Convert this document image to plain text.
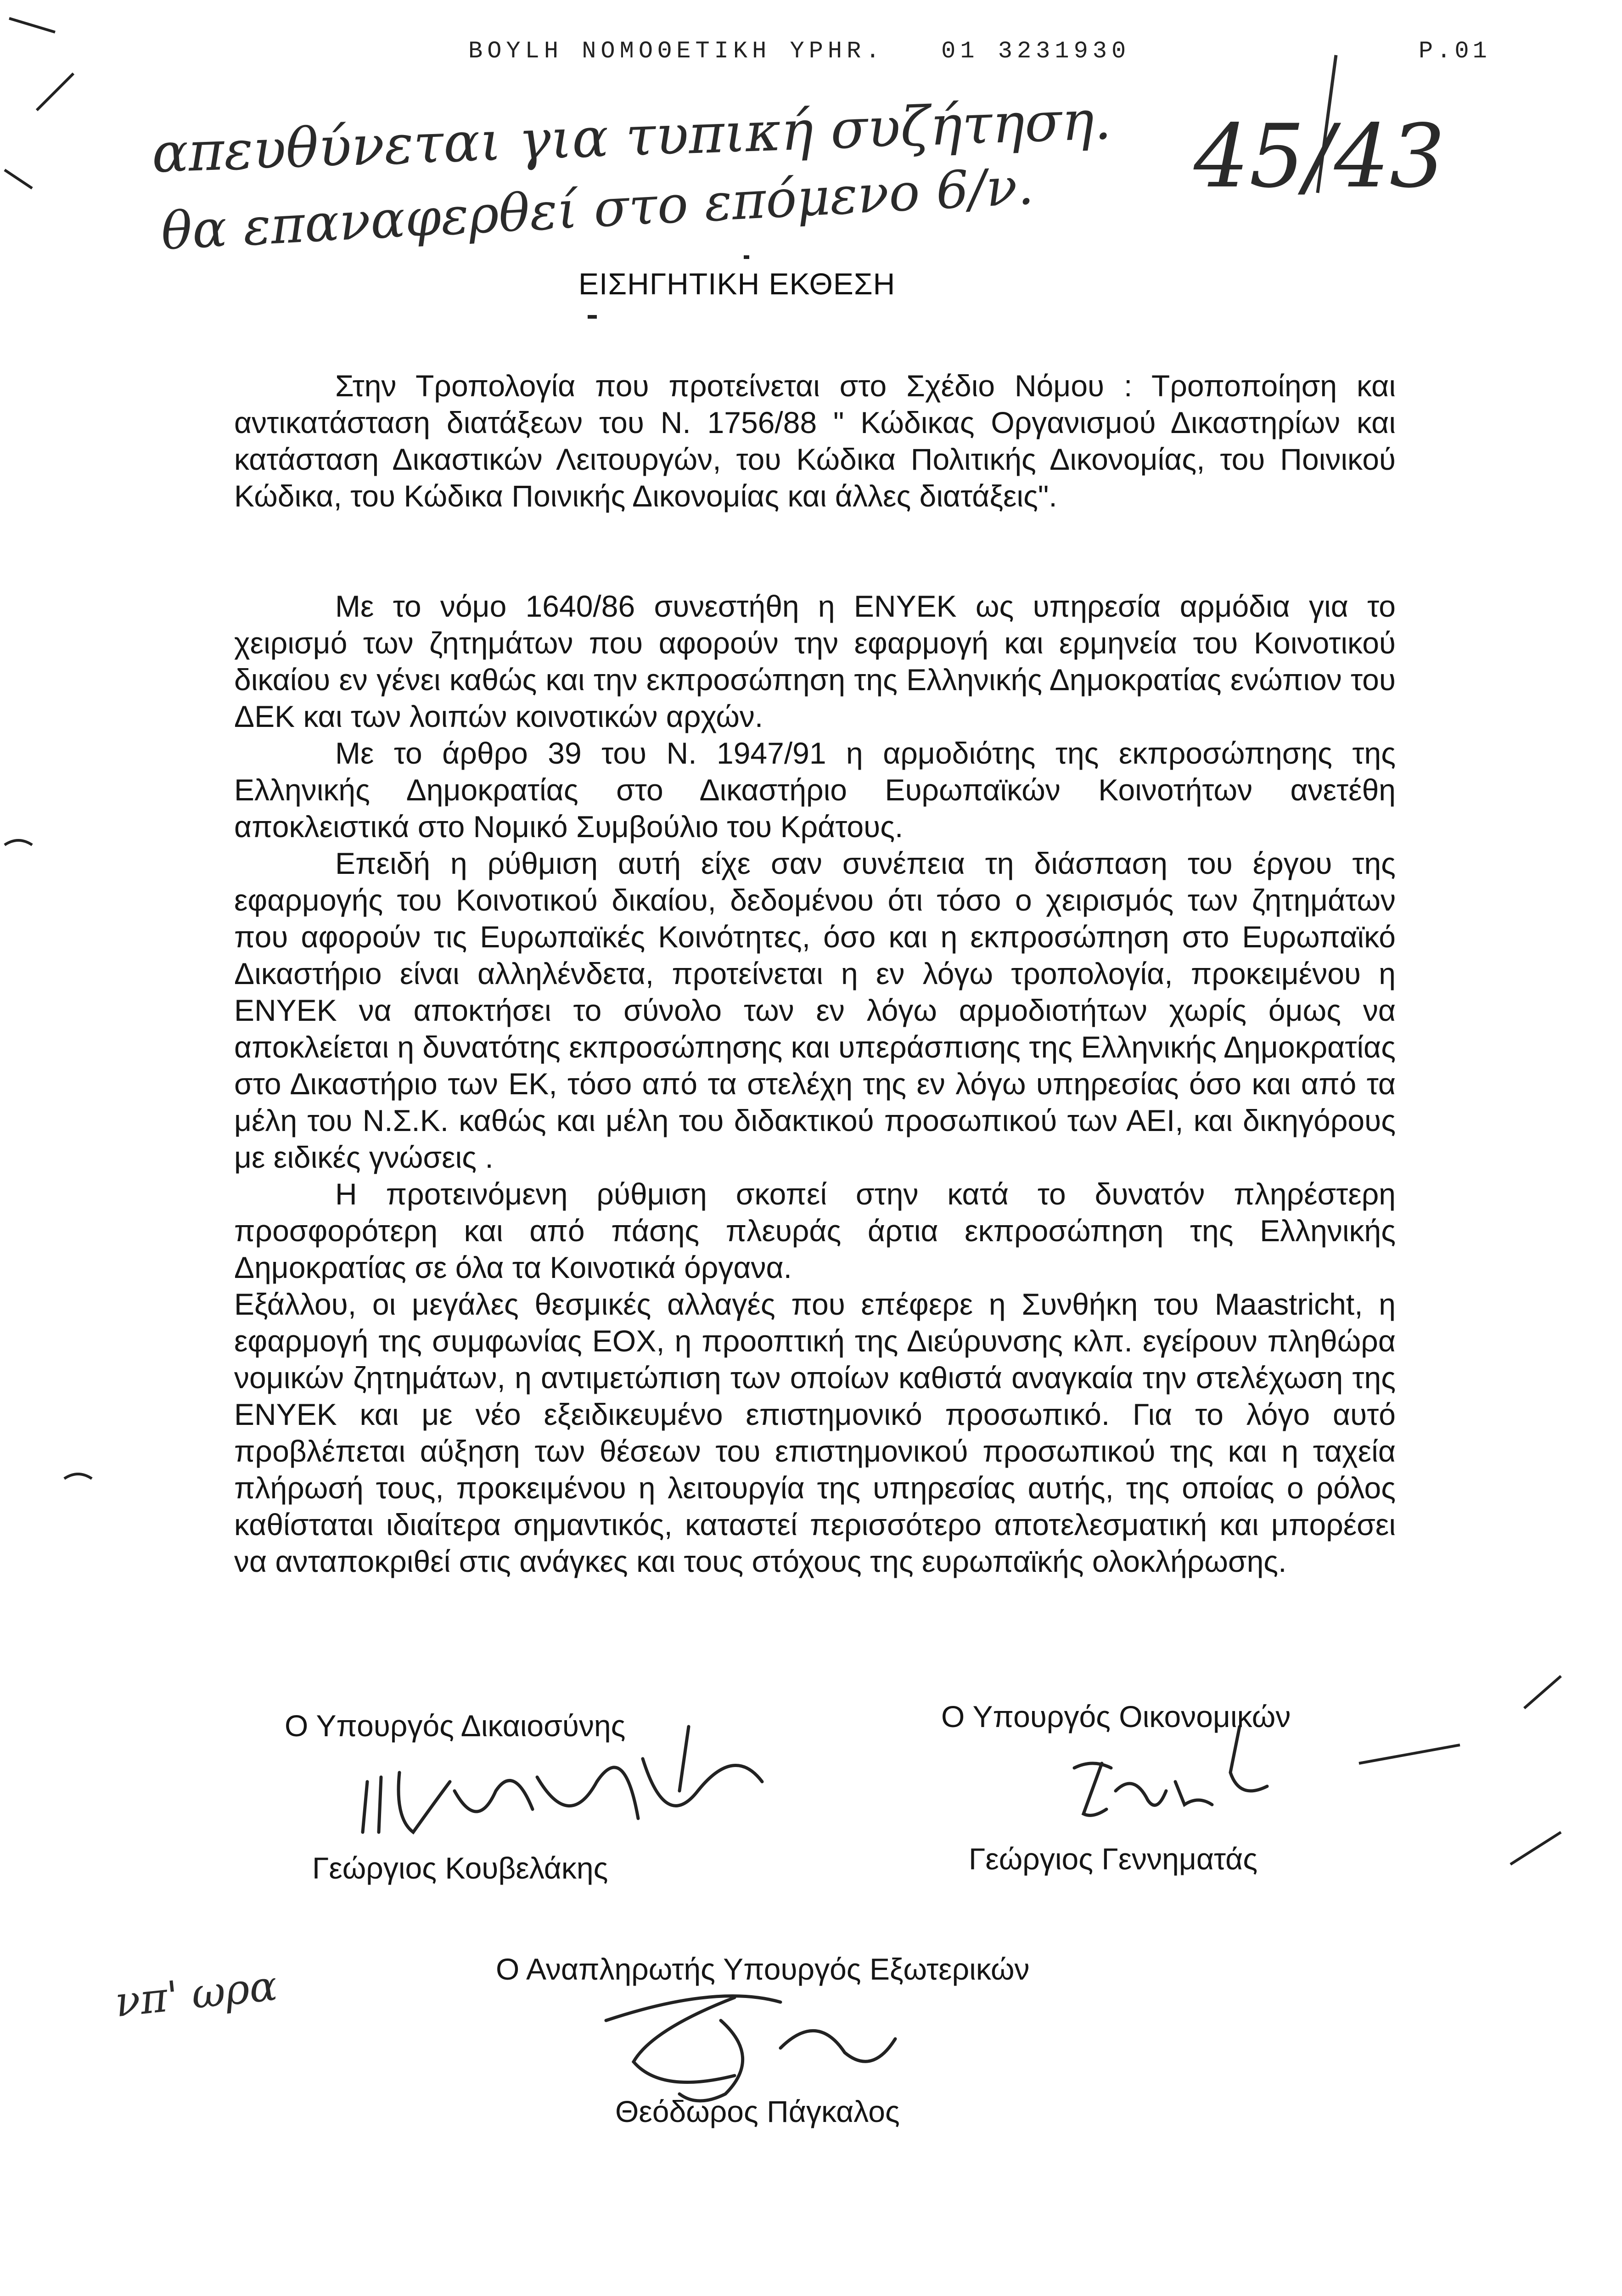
BOYLH NOMOΘETIKH YPHR.   01 3231930	P.01
απευθύνεται για τυπική συζήτηση.
θα επαναφερθεί στο επόμενο 6/ν. 45/43
νπ' ωρα
ΕΙΣΗΓΗΤΙΚΗ ΕΚΘΕΣΗ

Στην Τροπολογία που προτείνεται στο Σχέδιο Νόμου : Τροποποίηση και αντικατάσταση διατάξεων του Ν. 1756/88 " Κώδικας Οργανισμού Δικαστηρίων και κατάσταση Δικαστικών Λειτουργών, του Κώδικα Πολιτικής Δικονομίας, του Ποινικού Κώδικα, του Κώδικα Ποινικής Δικονομίας και άλλες διατάξεις".

Με το νόμο 1640/86 συνεστήθη η ΕΝΥΕΚ ως υπηρεσία αρμόδια για το χειρισμό των ζητημάτων που αφορούν την εφαρμογή και ερμηνεία του Κοινοτικού δικαίου εν γένει καθώς και την εκπροσώπηση της Ελληνικής Δημοκρατίας ενώπιον του ΔΕΚ και των λοιπών κοινοτικών αρχών.

Με το άρθρο 39 του Ν. 1947/91 η αρμοδιότης της εκπροσώπησης της Ελληνικής Δημοκρατίας στο Δικαστήριο Ευρωπαϊκών Κοινοτήτων ανετέθη αποκλειστικά στο Νομικό Συμβούλιο του Κράτους.

Επειδή η ρύθμιση αυτή είχε σαν συνέπεια τη διάσπαση του έργου της εφαρμογής του Κοινοτικού δικαίου, δεδομένου ότι τόσο ο χειρισμός των ζητημάτων που αφορούν τις Ευρωπαϊκές Κοινότητες, όσο και η εκπροσώπηση στο Ευρωπαϊκό Δικαστήριο είναι αλληλένδετα, προτείνεται η εν λόγω τροπολογία, προκειμένου η ΕΝΥΕΚ να αποκτήσει το σύνολο των εν λόγω αρμοδιοτήτων χωρίς όμως να αποκλείεται η δυνατότης εκπροσώπησης και υπεράσπισης της Ελληνικής Δημοκρατίας στο Δικαστήριο των ΕΚ, τόσο από τα στελέχη της εν λόγω υπηρεσίας όσο και από τα μέλη του Ν.Σ.Κ. καθώς και μέλη του διδακτικού προσωπικού των ΑΕΙ, και δικηγόρους με ειδικές γνώσεις .

Η προτεινόμενη ρύθμιση σκοπεί στην κατά το δυνατόν πληρέστερη προσφορότερη και από πάσης πλευράς άρτια εκπροσώπηση της Ελληνικής Δημοκρατίας σε όλα τα Κοινοτικά όργανα.

Εξάλλου, οι μεγάλες θεσμικές αλλαγές που επέφερε η Συνθήκη του Maastricht, η εφαρμογή της συμφωνίας ΕΟΧ, η προοπτική της Διεύρυνσης κλπ. εγείρουν πληθώρα νομικών ζητημάτων, η αντιμετώπιση των οποίων καθιστά αναγκαία την στελέχωση της ΕΝΥΕΚ και με νέο εξειδικευμένο επιστημονικό προσωπικό. Για το λόγο αυτό προβλέπεται αύξηση των θέσεων του επιστημονικού προσωπικού της και η ταχεία πλήρωσή τους, προκειμένου η λειτουργία της υπηρεσίας αυτής, της οποίας ο ρόλος καθίσταται ιδιαίτερα σημαντικός, καταστεί περισσότερο αποτελεσματική και μπορέσει να ανταποκριθεί στις ανάγκες και τους στόχους της ευρωπαϊκής ολοκλήρωσης.

Ο Υπουργός Δικαιοσύνης
Γεώργιος Κουβελάκης
Ο Υπουργός Οικονομικών
Γεώργιος Γεννηματάς
Ο Αναπληρωτής Υπουργός Εξωτερικών
Θεόδωρος Πάγκαλος
